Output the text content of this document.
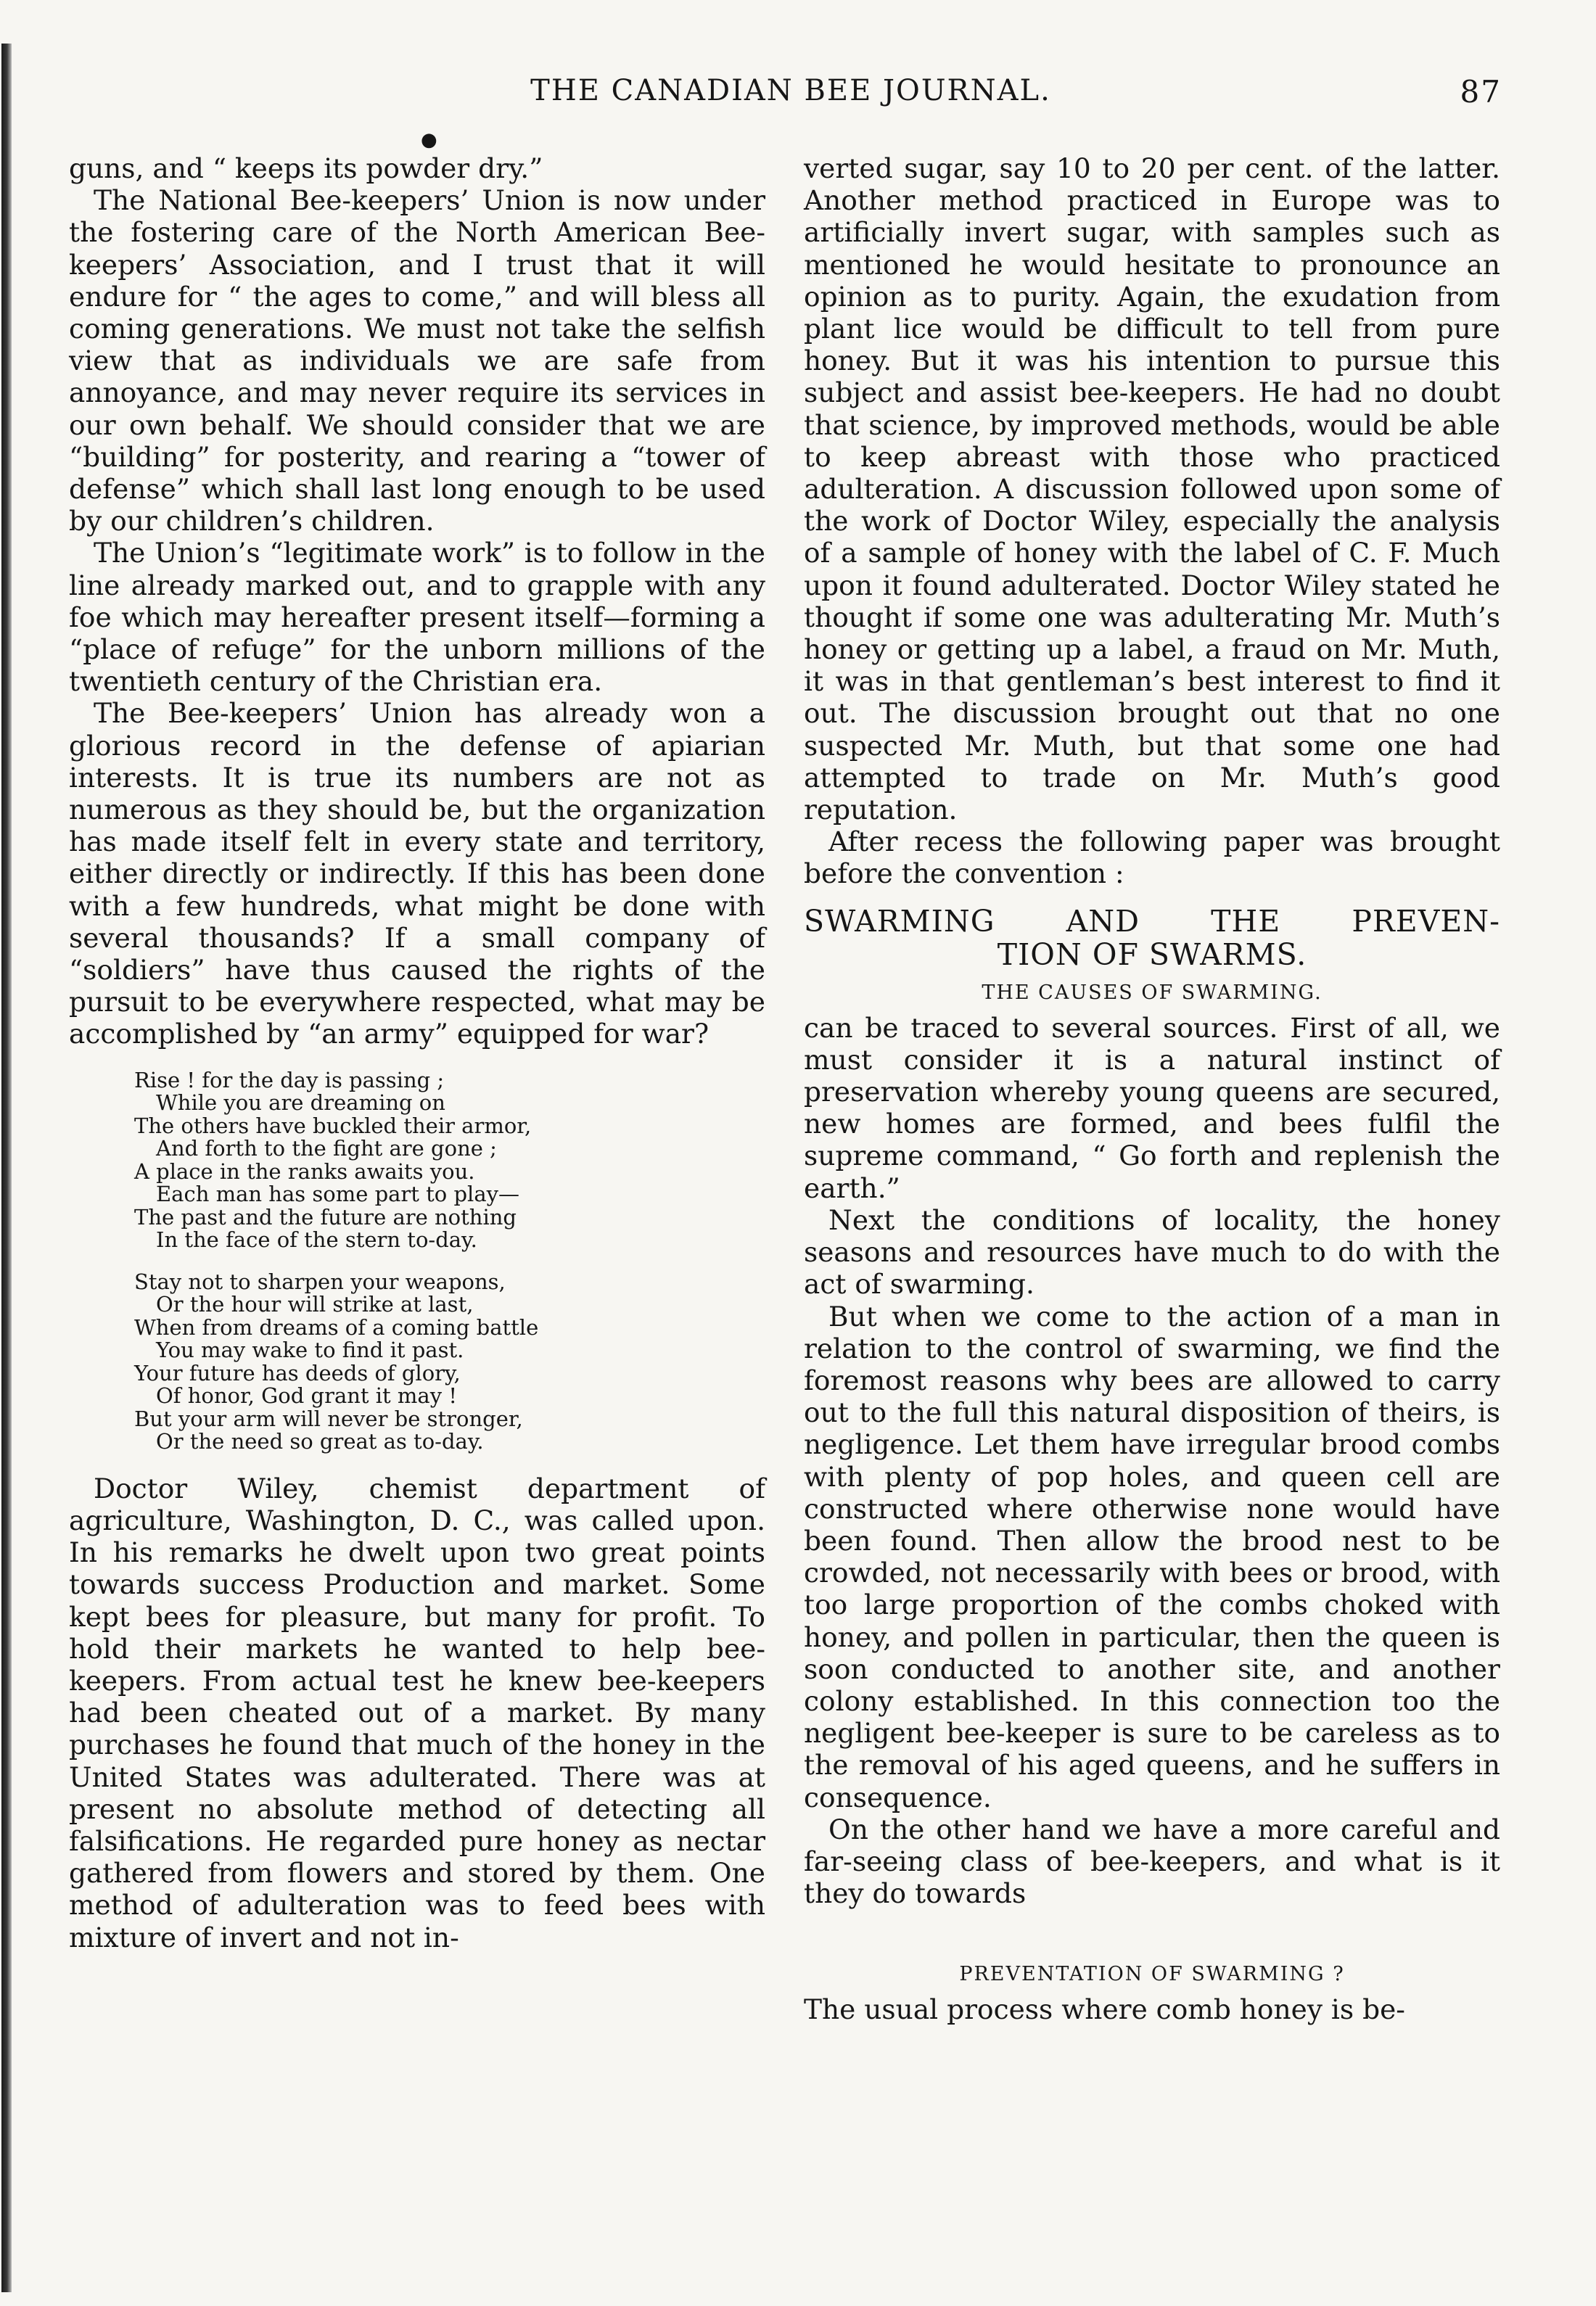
THE CANADIAN BEE JOURNAL.	87
●

guns, and “ keeps its powder dry.”

The National Bee-keepers’ Union is now under the fostering care of the North American Bee-keepers’ Association, and I trust that it will endure for “ the ages to come,” and will bless all coming generations. We must not take the selfish view that as individuals we are safe from annoyance, and may never require its services in our own behalf. We should consider that we are “building” for posterity, and rearing a “tower of defense” which shall last long enough to be used by our children’s children.

The Union’s “legitimate work” is to follow in the line already marked out, and to grapple with any foe which may hereafter present itself—forming a “place of refuge” for the unborn millions of the twentieth century of the Christian era.

The Bee-keepers’ Union has already won a glorious record in the defense of apiarian interests. It is true its numbers are not as numerous as they should be, but the organization has made itself felt in every state and territory, either directly or indirectly. If this has been done with a few hundreds, what might be done with several thousands? If a small company of “soldiers” have thus caused the rights of the pursuit to be everywhere respected, what may be accomplished by “an army” equipped for war?

Rise ! for the day is passing ;
While you are dreaming on
The others have buckled their armor,
And forth to the fight are gone ;
A place in the ranks awaits you.
Each man has some part to play—
The past and the future are nothing
In the face of the stern to-day.
Stay not to sharpen your weapons,
Or the hour will strike at last,
When from dreams of a coming battle
You may wake to find it past.
Your future has deeds of glory,
Of honor, God grant it may !
But your arm will never be stronger,
Or the need so great as to-day.

Doctor Wiley, chemist department of agriculture, Washington, D. C., was called upon. In his remarks he dwelt upon two great points towards success Production and market. Some kept bees for pleasure, but many for profit. To hold their markets he wanted to help bee-keepers. From actual test he knew bee-keepers had been cheated out of a market. By many purchases he found that much of the honey in the United States was adulterated. There was at present no absolute method of detecting all falsifications. He regarded pure honey as nectar gathered from flowers and stored by them. One method of adulteration was to feed bees with mixture of invert and not in-

verted sugar, say 10 to 20 per cent. of the latter. Another method practiced in Europe was to artificially invert sugar, with samples such as mentioned he would hesitate to pronounce an opinion as to purity. Again, the exudation from plant lice would be difficult to tell from pure honey. But it was his intention to pursue this subject and assist bee-keepers. He had no doubt that science, by improved methods, would be able to keep abreast with those who practiced adulteration. A discussion followed upon some of the work of Doctor Wiley, especially the analysis of a sample of honey with the label of C. F. Much upon it found adulterated. Doctor Wiley stated he thought if some one was adulterating Mr. Muth’s honey or getting up a label, a fraud on Mr. Muth, it was in that gentleman’s best interest to find it out. The discussion brought out that no one suspected Mr. Muth, but that some one had attempted to trade on Mr. Muth’s good reputation.

After recess the following paper was brought before the convention :

SWARMING AND THE PREVEN-
TION OF SWARMS.
THE CAUSES OF SWARMING.

can be traced to several sources. First of all, we must consider it is a natural instinct of preservation whereby young queens are secured, new homes are formed, and bees fulfil the supreme command, “ Go forth and replenish the earth.”

Next the conditions of locality, the honey seasons and resources have much to do with the act of swarming.

But when we come to the action of a man in relation to the control of swarming, we find the foremost reasons why bees are allowed to carry out to the full this natural disposition of theirs, is negligence. Let them have irregular brood combs with plenty of pop holes, and queen cell are constructed where otherwise none would have been found. Then allow the brood nest to be crowded, not necessarily with bees or brood, with too large proportion of the combs choked with honey, and pollen in particular, then the queen is soon conducted to another site, and another colony established. In this connection too the negligent bee-keeper is sure to be careless as to the removal of his aged queens, and he suffers in consequence.

On the other hand we have a more careful and far-seeing class of bee-keepers, and what is it they do towards

PREVENTATION OF SWARMING ?

The usual process where comb honey is be-
